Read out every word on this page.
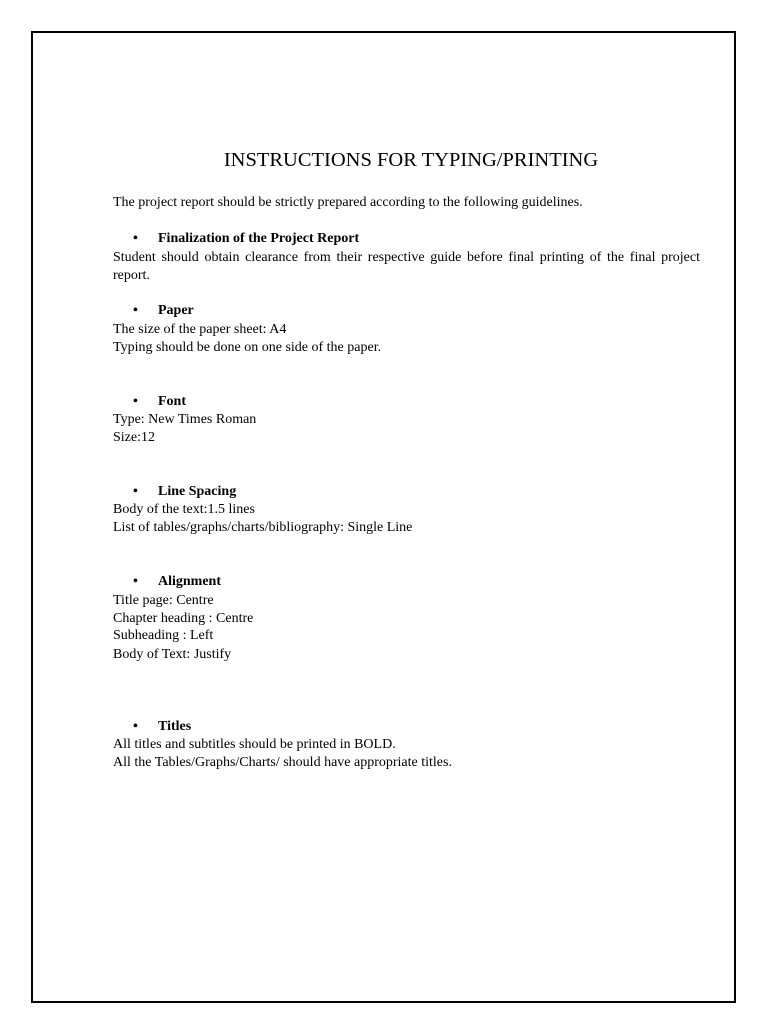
INSTRUCTIONS FOR TYPING/PRINTING
The project report should be strictly prepared according to the following guidelines.
• Finalization of the Project Report
Student should obtain clearance from their respective guide before final printing of the final project report.
• Paper
The size of the paper sheet: A4
Typing should be done on one side of the paper.
• Font
Type: New Times Roman
Size:12
• Line Spacing
Body of the text:1.5 lines
List of tables/graphs/charts/bibliography: Single Line
• Alignment
Title page: Centre
Chapter heading : Centre
Subheading : Left
Body of Text: Justify
• Titles
All titles and subtitles should be printed in BOLD.
All the Tables/Graphs/Charts/ should have appropriate titles.
